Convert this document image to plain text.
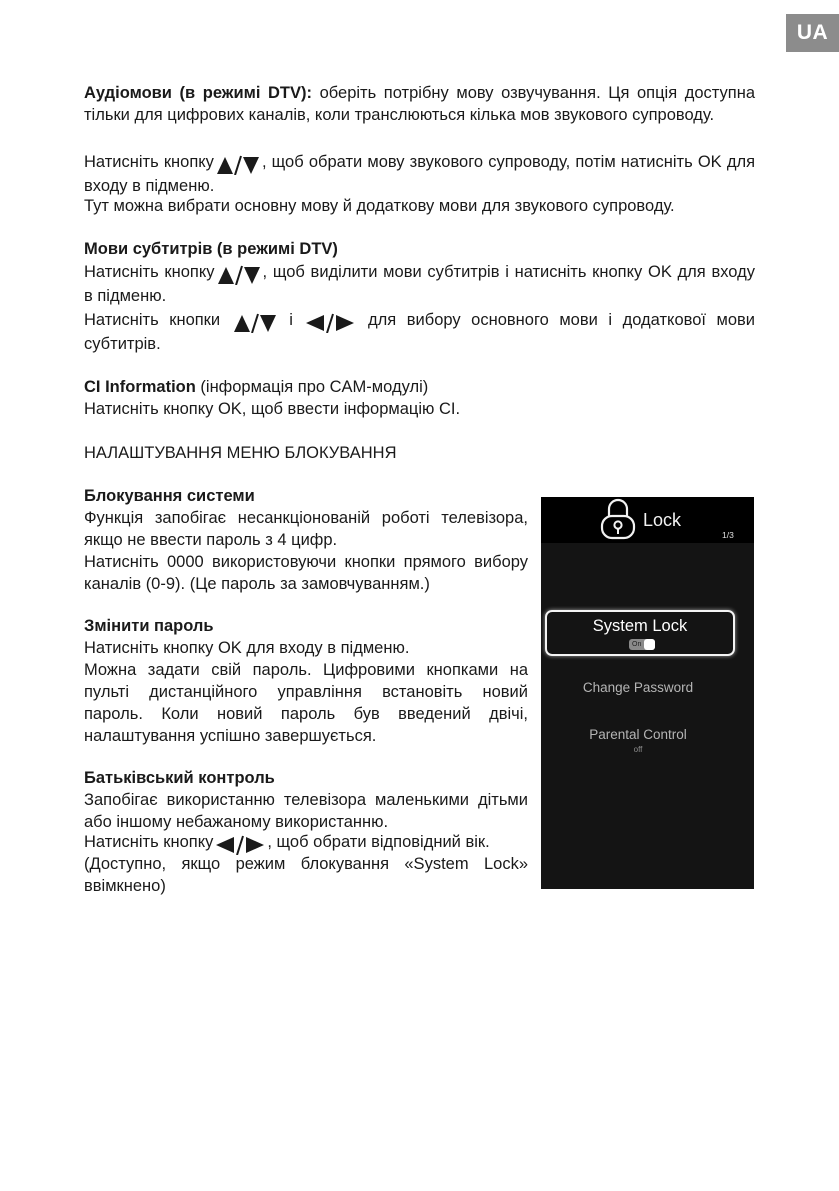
UA

Аудіомови (в режимі DTV): оберіть потрібну мову озвучування. Ця опція доступна тільки для цифрових каналів, коли транслюються кілька мов звукового супроводу.

Натисніть кнопку	, щоб обрати мову звукового супроводу, потім натисніть OK для входу в підменю.

Тут можна вибрати основну мову й додаткову мови для звукового супроводу.

Мови субтитрів (в режимі DTV)

Натисніть кнопку	, щоб виділити мови субтитрів і натисніть кнопку OK для входу в підменю.

Натисніть кнопки	і	для вибору основного мови і додаткової мови субтитрів.

CI Information (інформація про CAM-модулі)

Натисніть кнопку OK, щоб ввести інформацію CI.

НАЛАШТУВАННЯ МЕНЮ БЛОКУВАННЯ

Блокування системи

Функція запобігає несанкціонованій роботі телевізора, якщо не ввести пароль з 4 цифр.

Натисніть 0000 використовуючи кнопки прямого вибору каналів (0-9). (Це пароль за замовчуванням.)

Змінити пароль

Натисніть кнопку OK для входу в підменю.

Можна задати свій пароль. Цифровими кнопками на пульті дистанційного управління встановіть новий пароль. Коли новий пароль був введений двічі, налаштування успішно завершується.

Батьківський контроль

Запобігає використанню телевізора маленькими дітьми або іншому небажаному використанню.

Натисніть кнопку	, щоб обрати відповідний вік.

(Доступно, якщо режим блокування «System Lock» ввімкнено)

Lock
1/3
System Lock
On
Change Password
Parental Control
off
